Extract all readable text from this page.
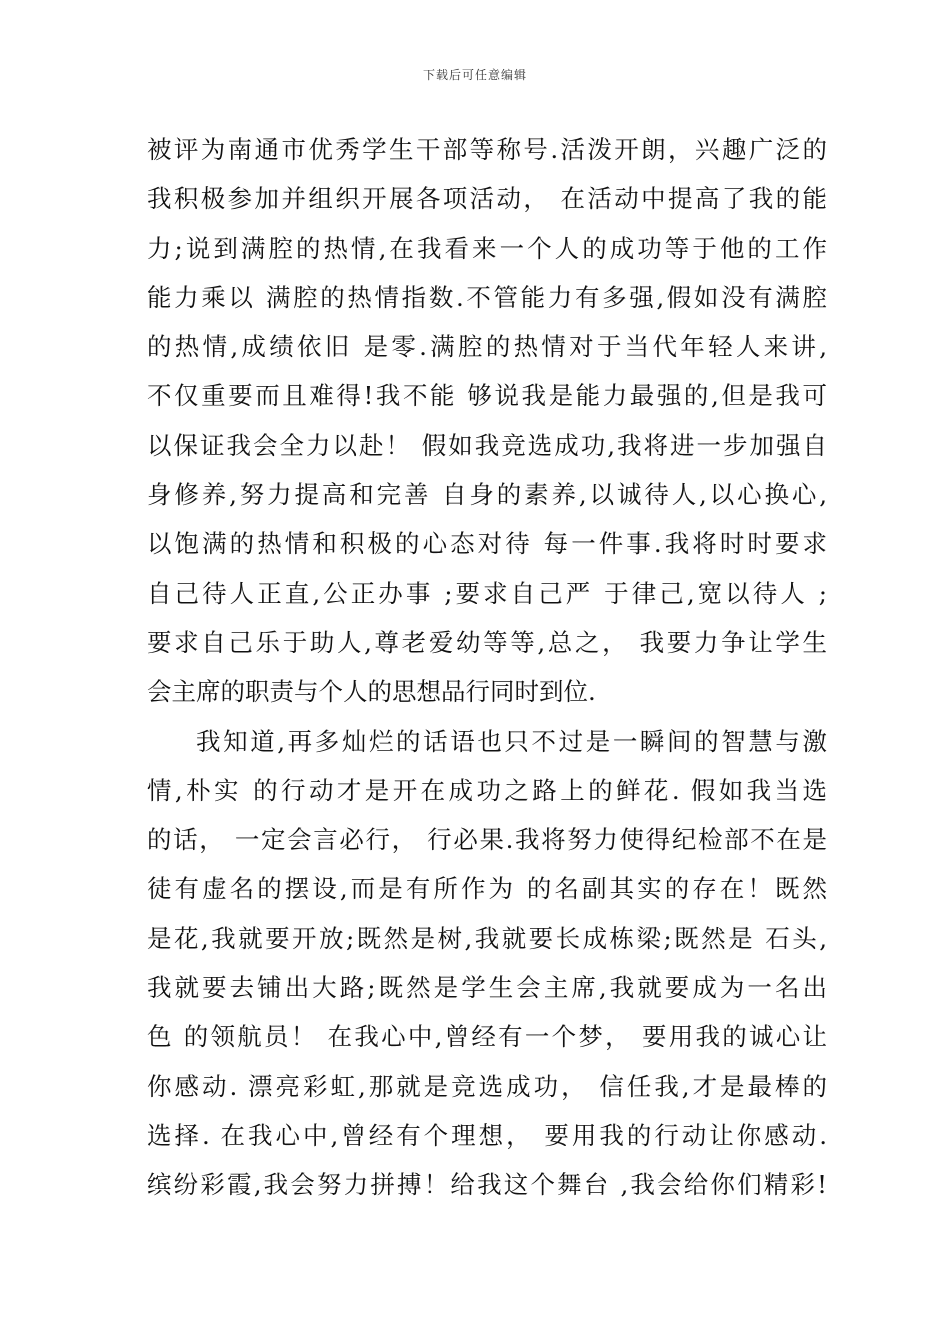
下载后可任意编辑
被评为南通市优秀学生干部等称号.活泼开朗，兴趣广泛的
我积极参加并组织开展各项活动， 在活动中提高了我的能
力;说到满腔的热情,在我看来一个人的成功等于他的工作
能力乘以 满腔的热情指数.不管能力有多强,假如没有满腔
的热情,成绩依旧 是零.满腔的热情对于当代年轻人来讲,
不仅重要而且难得!我不能 够说我是能力最强的,但是我可
以保证我会全力以赴！ 假如我竞选成功,我将进一步加强自
身修养,努力提高和完善 自身的素养,以诚待人,以心换心,
以饱满的热情和积极的心态对待 每一件事.我将时时要求
自己待人正直,公正办事 ;要求自己严 于律己,宽以待人 ;
要求自己乐于助人,尊老爱幼等等,总之， 我要力争让学生
会主席的职责与个人的思想品行同时到位.
我知道,再多灿烂的话语也只不过是一瞬间的智慧与激
情,朴实 的行动才是开在成功之路上的鲜花. 假如我当选
的话， 一定会言必行， 行必果.我将努力使得纪检部不在是
徒有虚名的摆设,而是有所作为 的名副其实的存在！既然
是花,我就要开放;既然是树,我就要长成栋梁;既然是 石头,
我就要去铺出大路;既然是学生会主席,我就要成为一名出
色 的领航员！ 在我心中,曾经有一个梦， 要用我的诚心让
你感动. 漂亮彩虹,那就是竞选成功， 信任我,才是最棒的
选择. 在我心中,曾经有个理想， 要用我的行动让你感动.
缤纷彩霞,我会努力拼搏！给我这个舞台 ,我会给你们精彩!
